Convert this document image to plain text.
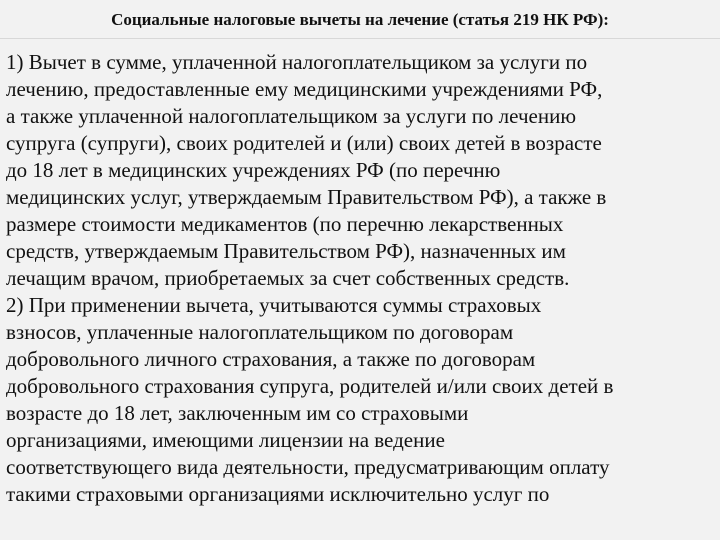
Социальные налоговые вычеты на лечение (статья 219 НК РФ):
1) Вычет в сумме, уплаченной налогоплательщиком за услуги по
лечению, предоставленные ему медицинскими учреждениями РФ,
а также уплаченной налогоплательщиком за услуги по лечению
супруга (супруги), своих родителей и (или) своих детей в возрасте
до 18 лет в медицинских учреждениях РФ (по перечню
медицинских услуг, утверждаемым Правительством РФ), а также в
размере стоимости медикаментов (по перечню лекарственных
средств, утверждаемым Правительством РФ), назначенных им
лечащим врачом, приобретаемых за счет собственных средств.
2) При применении вычета, учитываются суммы страховых
взносов, уплаченные налогоплательщиком по договорам
добровольного личного страхования, а также по договорам
добровольного страхования супруга, родителей и/или своих детей в
возрасте до 18 лет, заключенным им со страховыми
организациями, имеющими лицензии на ведение
соответствующего вида деятельности, предусматривающим оплату
такими страховыми организациями исключительно услуг по
